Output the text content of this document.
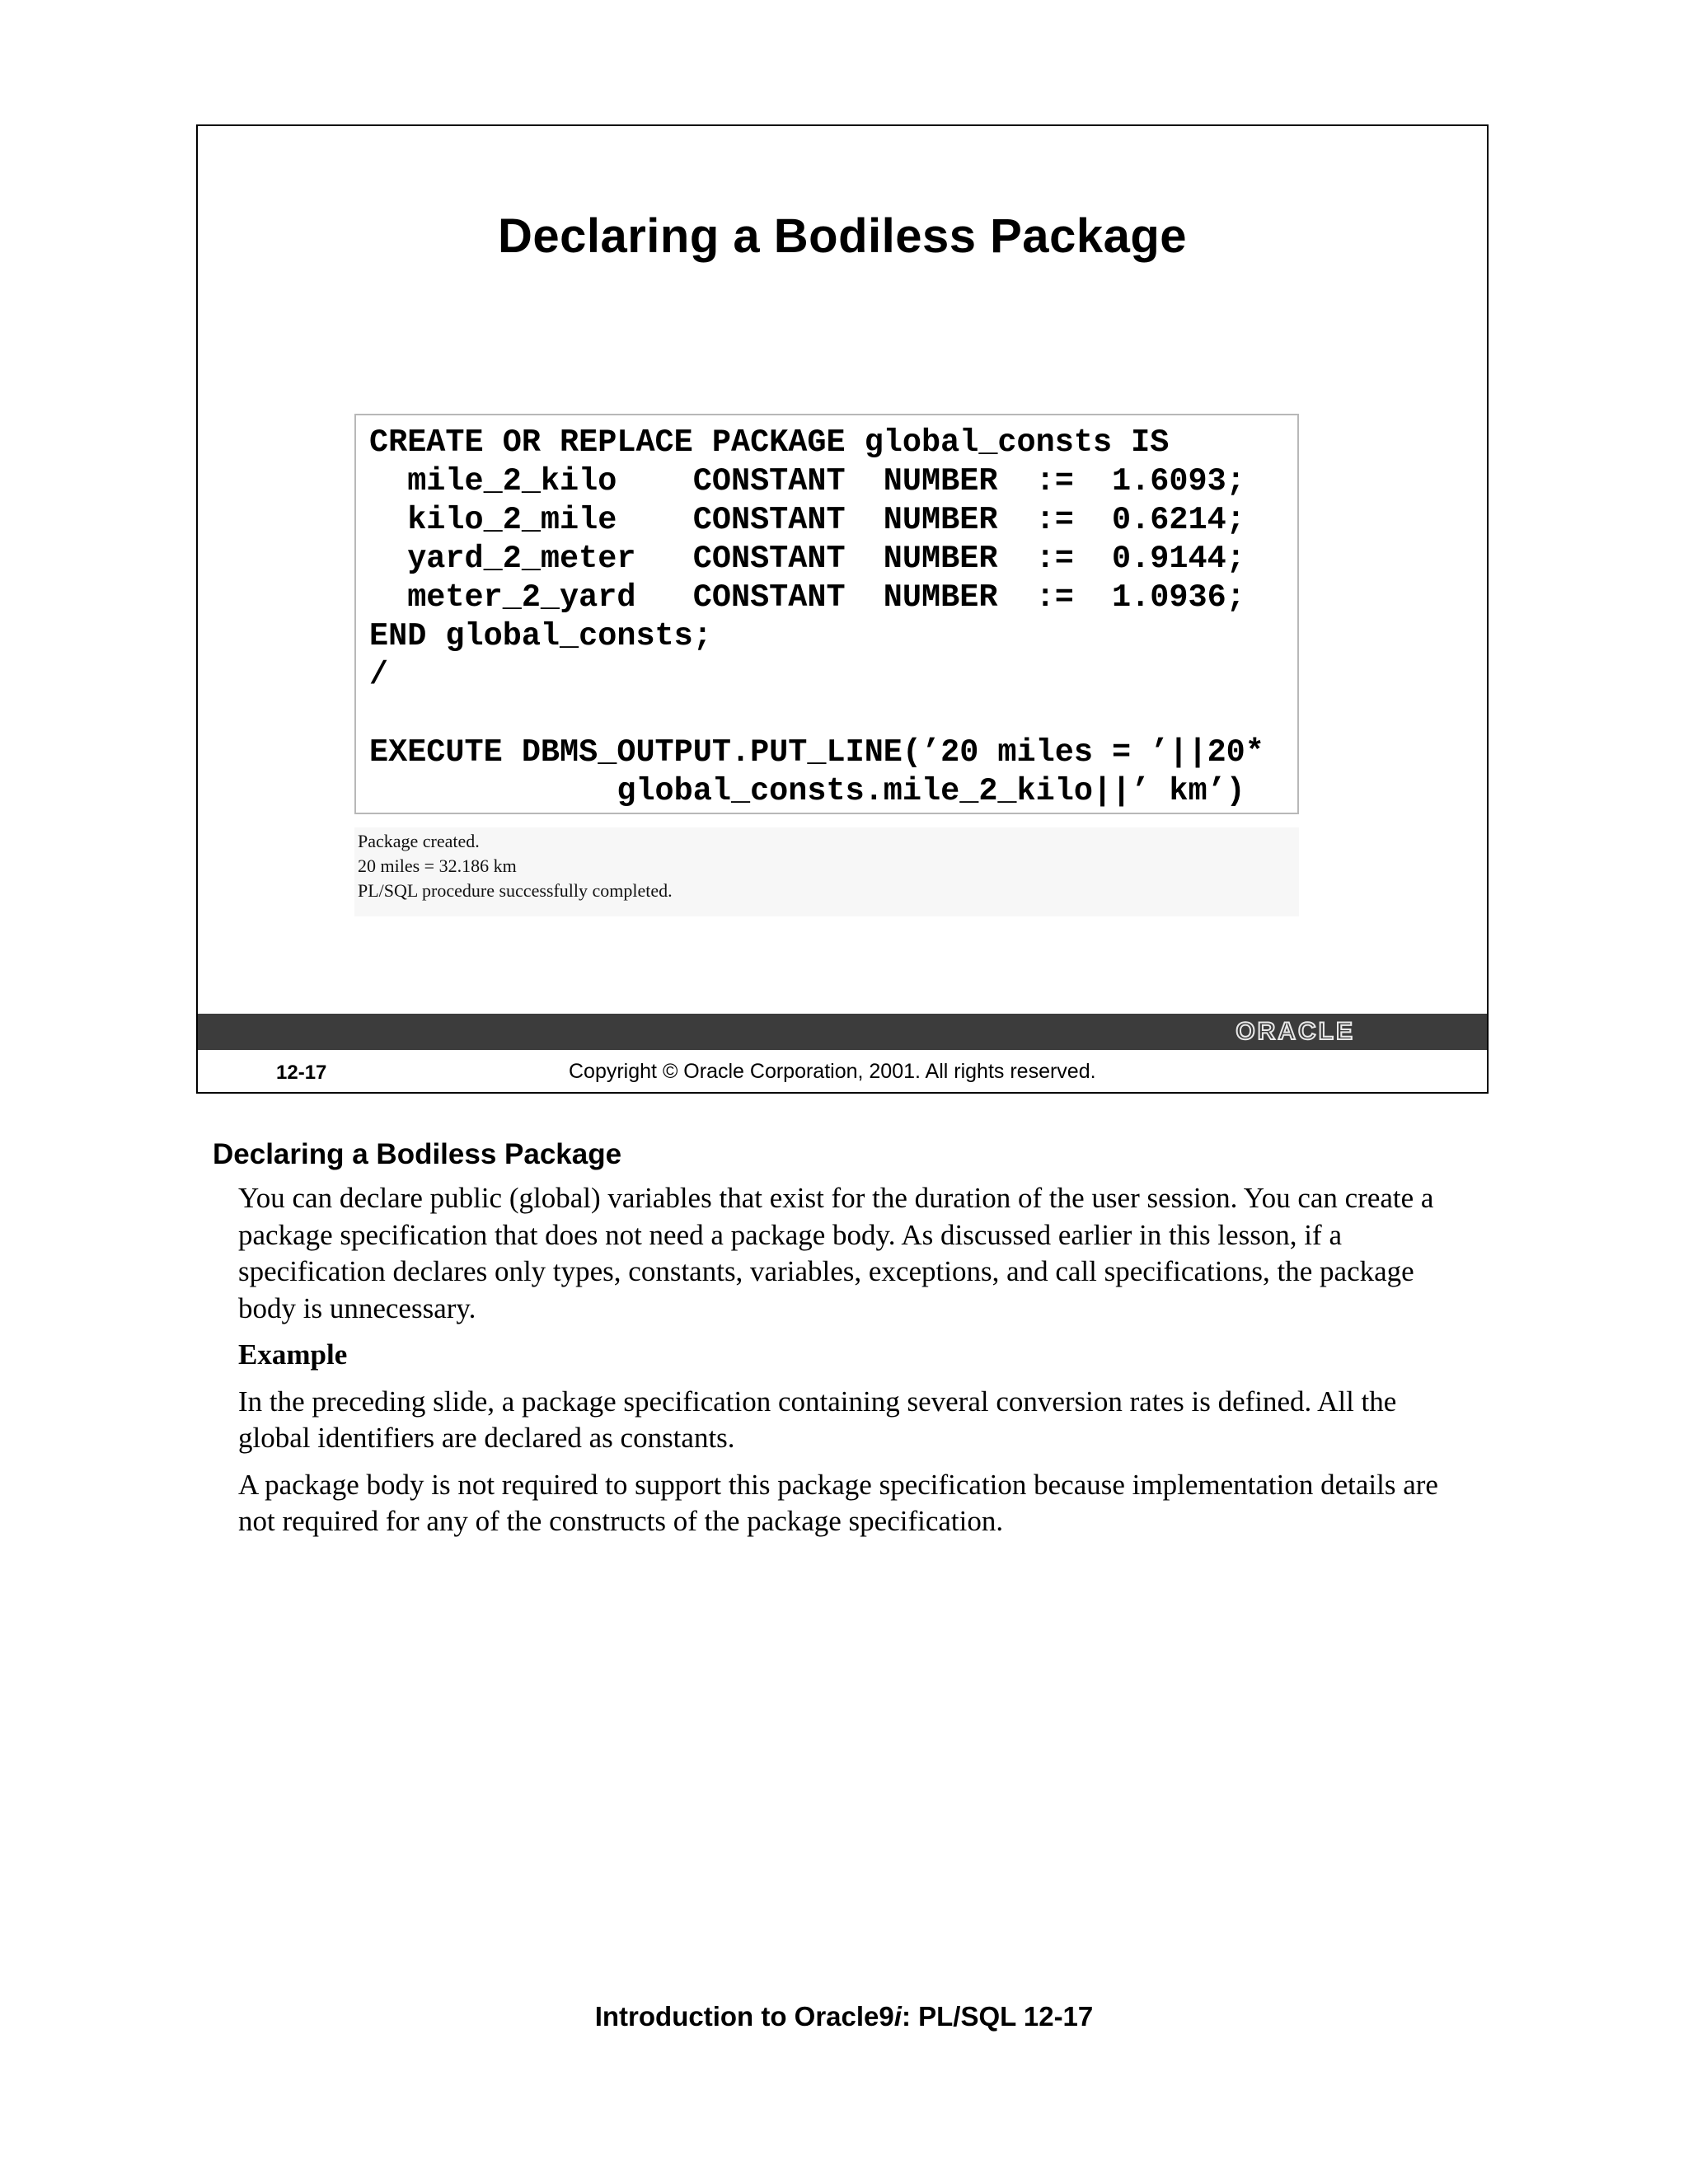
Declaring a Bodiless Package
CREATE OR REPLACE PACKAGE global_consts IS
mile_2_kilo    CONSTANT  NUMBER  :=  1.6093;
kilo_2_mile    CONSTANT  NUMBER  :=  0.6214;
yard_2_meter   CONSTANT  NUMBER  :=  0.9144;
meter_2_yard   CONSTANT  NUMBER  :=  1.0936;
END global_consts;
/

EXECUTE DBMS_OUTPUT.PUT_LINE(’20 miles = ’||20*
global_consts.mile_2_kilo||’ km’)
Package created.
20 miles = 32.186 km
PL/SQL procedure successfully completed.
ORACLE
12-17	Copyright © Oracle Corporation, 2001. All rights reserved.
Declaring a Bodiless Package

You can declare public (global) variables that exist for the duration of the user session. You can create a package specification that does not need a package body. As discussed earlier in this lesson, if a specification declares only types, constants, variables, exceptions, and call specifications, the package body is unnecessary.

Example

In the preceding slide, a package specification containing several conversion rates is defined. All the global identifiers are declared as constants.

A package body is not required to support this package specification because implementation details are not required for any of the constructs of the package specification.

Introduction to Oracle9i: PL/SQL 12-17
